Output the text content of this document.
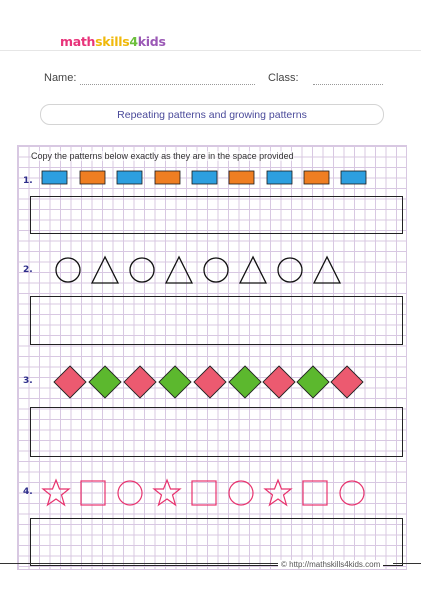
mathskills4kids
Name:	Class:
Repeating patterns and growing patterns
Copy the patterns below exactly as they are in the space provided
1.
2.
3.
4.
© http://mathskills4kids.com
